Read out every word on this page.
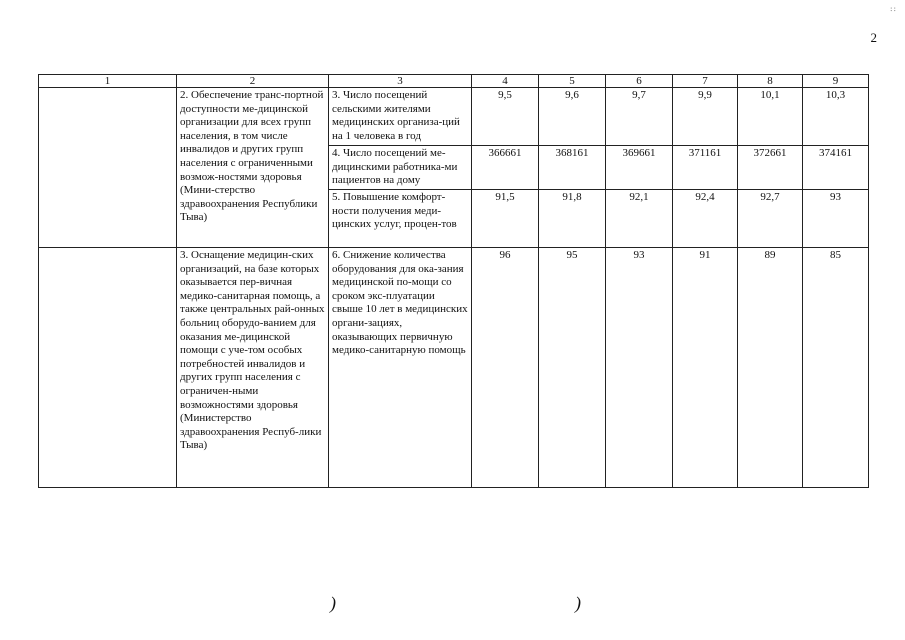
꞉꞉
2
1	2	3	4	5	6	7	8	9
	2. Обеспечение транс-портной доступности ме-дицинской организации для всех групп населения, в том числе инвалидов и других групп населения с ограниченными возмож-ностями здоровья (Мини-стерство здравоохранения Республики Тыва)	3. Число посещений сельскими жителями медицинских организа-ций на 1 человека в год	9,5	9,6	9,7	9,9	10,1	10,3
		4. Число посещений ме-дицинскими работника-ми пациентов на дому	366661	368161	369661	371161	372661	374161
		5. Повышение комфорт-ности получения меди-цинских услуг, процен-тов	91,5	91,8	92,1	92,4	92,7	93
	3. Оснащение медицин-ских организаций, на базе которых оказывается пер-вичная медико-санитарная помощь, а также центральных рай-онных больниц оборудо-ванием для оказания ме-дицинской помощи с уче-том особых потребностей инвалидов и других групп населения с ограничен-ными возможностями здоровья (Министерство здравоохранения Респуб-лики Тыва)	6. Снижение количества оборудования для ока-зания медицинской по-мощи со сроком экс-плуатации свыше 10 лет в медицинских органи-зациях, оказывающих первичную медико-санитарную помощь	96	95	93	91	89	85
)	)
